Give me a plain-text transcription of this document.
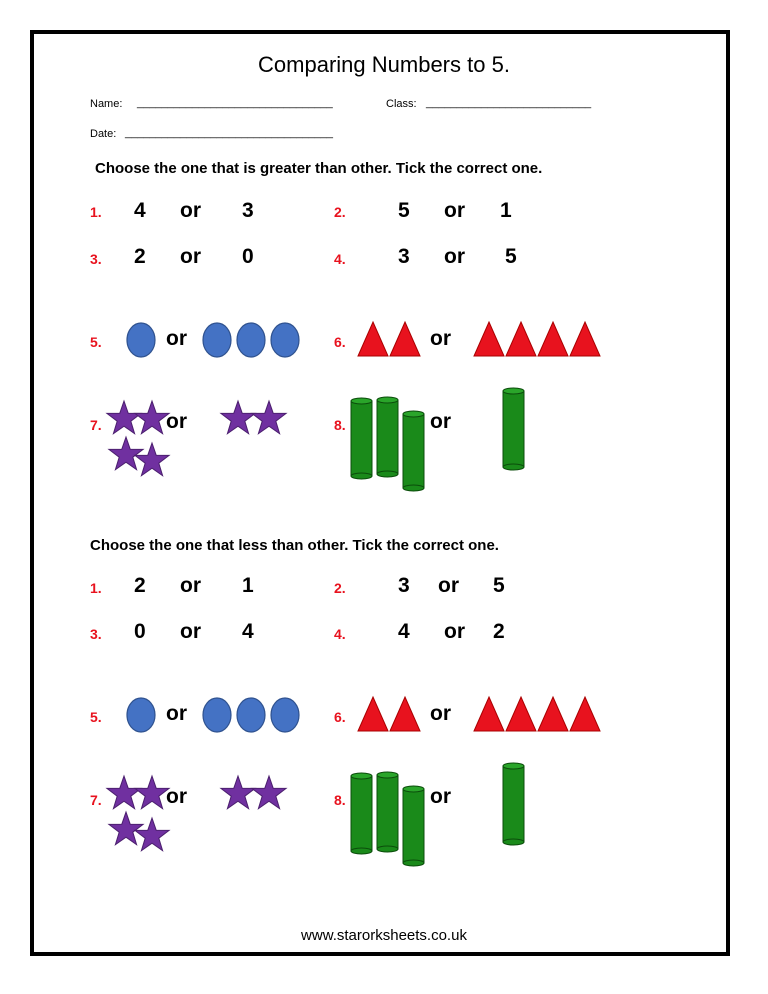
Comparing Numbers to 5.
Name: ________________________________	Class: ___________________________
Date: __________________________________
Choose the one that is greater than other. Tick the correct one.
1. 4 or 3	2. 5 or 1
3. 2 or 0	4. 3 or 5
5.	or	6.	or
7.	or	8.	or
Choose the one that less than other. Tick the correct one.
1. 2 or 1	2. 3 or 5
3. 0 or 4	4. 4 or 2
5.	or	6.	or
7.	or	8.	or
www.starorksheets.co.uk
